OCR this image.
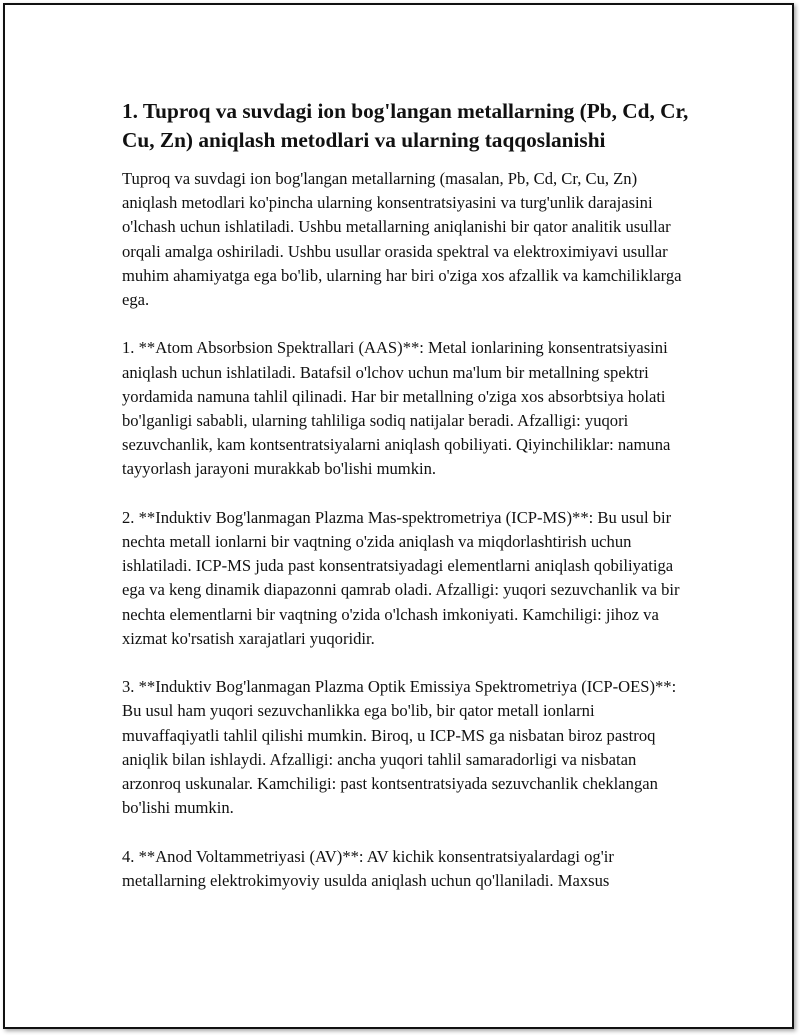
1. Tuproq va suvdagi ion bog'langan metallarning (Pb, Cd, Cr, Cu, Zn) aniqlash metodlari va ularning taqqoslanishi

Tuproq va suvdagi ion bog'langan metallarning (masalan, Pb, Cd, Cr, Cu, Zn) aniqlash metodlari ko'pincha ularning konsentratsiyasini va turg'unlik darajasini o'lchash uchun ishlatiladi. Ushbu metallarning aniqlanishi bir qator analitik usullar orqali amalga oshiriladi. Ushbu usullar orasida spektral va elektroximiyavi usullar muhim ahamiyatga ega bo'lib, ularning har biri o'ziga xos afzallik va kamchiliklarga ega.

1. **Atom Absorbsion Spektrallari (AAS)**: Metal ionlarining konsentratsiyasini aniqlash uchun ishlatiladi. Batafsil o'lchov uchun ma'lum bir metallning spektri yordamida namuna tahlil qilinadi. Har bir metallning o'ziga xos absorbtsiya holati bo'lganligi sababli, ularning tahliliga sodiq natijalar beradi. Afzalligi: yuqori sezuvchanlik, kam kontsentratsiyalarni aniqlash qobiliyati. Qiyinchiliklar: namuna tayyorlash jarayoni murakkab bo'lishi mumkin.

2. **Induktiv Bog'lanmagan Plazma Mas-spektrometriya (ICP-MS)**: Bu usul bir nechta metall ionlarni bir vaqtning o'zida aniqlash va miqdorlashtirish uchun ishlatiladi. ICP-MS juda past konsentratsiyadagi elementlarni aniqlash qobiliyatiga ega va keng dinamik diapazonni qamrab oladi. Afzalligi: yuqori sezuvchanlik va bir nechta elementlarni bir vaqtning o'zida o'lchash imkoniyati. Kamchiligi: jihoz va xizmat ko'rsatish xarajatlari yuqoridir.

3. **Induktiv Bog'lanmagan Plazma Optik Emissiya Spektrometriya (ICP-OES)**: Bu usul ham yuqori sezuvchanlikka ega bo'lib, bir qator metall ionlarni muvaffaqiyatli tahlil qilishi mumkin. Biroq, u ICP-MS ga nisbatan biroz pastroq aniqlik bilan ishlaydi. Afzalligi: ancha yuqori tahlil samaradorligi va nisbatan arzonroq uskunalar. Kamchiligi: past kontsentratsiyada sezuvchanlik cheklangan bo'lishi mumkin.

4. **Anod Voltammetriyasi (AV)**: AV kichik konsentratsiyalardagi og'ir metallarning elektrokimyoviy usulda aniqlash uchun qo'llaniladi. Maxsus
